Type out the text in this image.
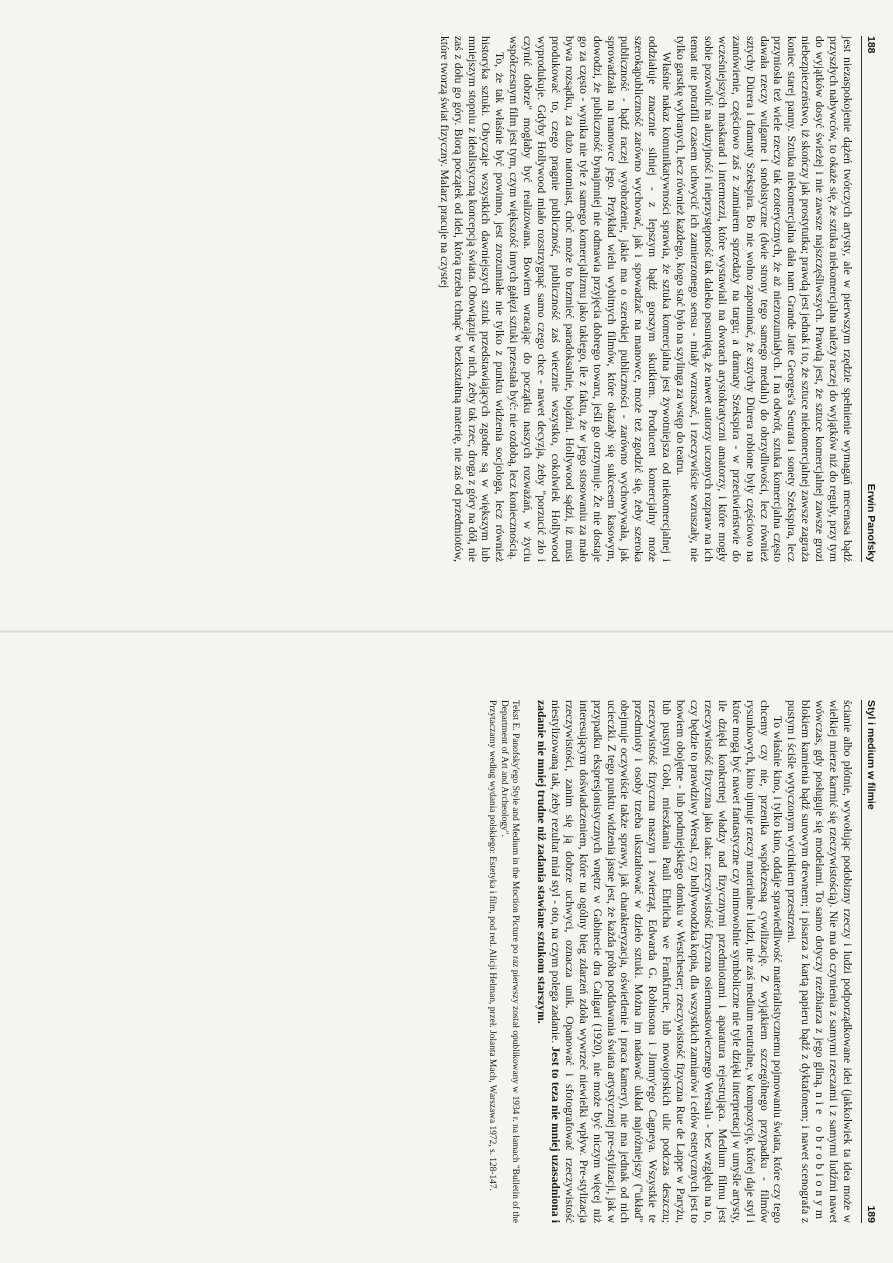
188
Erwin Panofsky

jest niezaspokojenie dążeń twórczych artysty, ale w pierwszym rzędzie spełnienie wymagań mecenasa bądź przyszłych nabywców, to okaże się, że sztuka niekomercjalna należy raczej do wyjątków niż do reguły, przy tym do wyjątków dosyć świeżej i nie zawsze najszczęśliwszych. Prawdą jest, że sztuce komercjalnej zawsze grozi niebezpieczeństwo, iż skończy jak prostytutka; prawdą jest jednak i to, że sztuce niekomercjalnej zawsze zagraża koniec starej panny. Sztuka niekomercjalna dała nam Grande Jatte Georges'a Seurata i sonety Szekspira, lecz przyniosła też wiele rzeczy tak ezoterycznych, że aż niezrozumiałych. I na odwrót, sztuka komercjalna często dawała rzeczy wulgarne i snobistyczne (dwie strony tego samego medalu) do obrzydliwości, lecz również sztychy Dürera i dramaty Szekspira. Bo nie wolno zapominać, że sztychy Dürera robione były częściowo na zamówienie, częściowo zaś z zamiarem sprzedaży na targu; a dramaty Szekspira - w przeciwieństwie do wcześniejszych maskarad i intermezzi, które wystawiali na dworach arystokratyczni amatorzy, i które mogły sobie pozwolić na aluzyjność i nieprzystępność tak daleko posuniętą, że nawet autorzy uczonych rozpraw na ich temat nie potrafili czasem uchwycić ich zamierzonego sensu - miały wzruszać, i rzeczywiście wzruszały, nie tylko garstkę wybranych, lecz również każdego, kogo stać było na szylinga za wstęp do teatru.

Właśnie nakaz komunikatywności sprawia, że sztuka komercjalna jest żywotniejsza od niekomercjalnej i oddziałuje znacznie silniej - z lepszym bądź gorszym skutkiem. Producent komercjalny może szerokąpubliczność zarówno wychować, jak i spowadzać na manowce, może też zgodzić się, żeby szeroka publiczność - bądź raczej wyobrażenie, jakie ma o szerokiej publiczności - zarówno wychowywała, jak sprowadzała na manowce jego. Przykład wielu wybitnych filmów, które okazały się sukcesem kasowym, dowodzi, że publiczność bynajmniej nie odmawia przyjęcia dobrego towaru, jeśli go otrzymuje. Że nie dostaje go za często - wynika nie tyle z samego komercjalizmu jako takiego, ile z faktu, że w jego stosowaniu za mało bywa rozsądku, za dużo natomiast, choć może to brzmieć paradoksalnie, bojaźni. Hollywood sądzi, iż musi produkować to, czego pragnie publiczność, publiczność zaś wiecznie wszystko, cokolwiek Hollywood wyprodukuje. Gdyby Hollywood miało rozstrzygnąć samo czego chce - nawet decyzja, żeby "porzucić zło i czynić dobrze" mogłaby być realizowana. Bowiem wracając do początku naszych rozważań, w życiu współczesnym film jest tym, czym większość innych gałęzi sztuki przestała być: nie ozdobą, lecz koniecznością.

To, że tak właśnie być powinno, jest zrozumiałe nie tylko z punktu widzenia socjologa, lecz również historyka sztuki. Obyczaje wszystkich dawniejszych sztuk przedstawiających zgodne są w większym lub mniejszym stopniu z idealistyczną koncepcją świata. Obowiązuje w nich, żeby tak rzec, droga z góry na dół, nie zaś z dołu go góry. Biorą początek od idei, którą trzeba tchnąć w bezkształtną materię, nie zaś od przedmiotów, które tworzą świat fizyczny. Malarz pracuje na czystej

Styl i medium w filmie
189

ścianie albo płótnie, wywołując podobizny rzeczy i ludzi podporządkowane idei (jakkolwiek ta idea może w wielkiej mierze karmić się rzeczywistością). Nie ma do czynienia z samymi rzeczami i z samymi ludźmi nawet wówczas, gdy posługuje się modelami. To samo dotyczy rzeźbiarza z jego gliną, nie obrobionym blokiem kamienia bądź surowym drewnem; i pisarza z kartą papieru bądź z dyktafonem; i nawet scenografa z pustym i ściśle wytyczonym wycinkiem przestrzeni.

To właśnie kino, i tylko kino, oddaje sprawiedliwość materialistycznemu pojmowaniu świata, które czy tego chcemy czy nie, przenika współczesną cywilizację. Z wyjątkiem szczególnego przypadku - filmów rysunkowych, kino ujmuje rzeczy materialne i ludzi, nie zaś medium neutralne, w kompozycję, której daje styl i które mogą być nawet fantastyczne czy mimowolnie symboliczne nie tyle dzięki interpretacji w umyśle artysty, ile dzięki konkretnej władzy nad fizycznymi przedmiotami i aparatura rejestrująca. Medium filmu jest rzeczywistość fizyczna jako taka: rzeczywistość fizyczna osiemnastowiecznego Wersalu - bez względu na to, czy będzie to prawdziwy Wersal, czy hollywoodzka kopia, dla wszystkich zamiarów i celów estetycznych jest to bowiem obojętne - lub podmiejskiego domku w Westchester; rzeczywistość fizyczna Rue de Lappe w Paryżu, lub pustyni Gobi, mieszkania Pauli Ehrlicha we Frankfurcie, lub nowojorskich ulic podczas deszczu; rzeczywistość fizyczna maszyn i zwierząt, Edwarda G. Robinsona i Jimmy'ego Cagneya. Wszystkie te przedmioty i osoby trzeba ukształtować w dzieło sztuki. Można im nadawać układ najróżniejszy ("układ" obejmuje oczywiście także sprawy, jak charakteryzacja, oświetlenie i praca kamery), nie ma jednak od nich ucieczki. Z tego punktu widzenia jasne jest, że każda próba poddawania świata artystycznej pre-stylizacji, jak w przypadku ekspresjonistycznych wnętrz w Gabinecie dra Caligari (1920), nie może być niczym więcej niż interesującym doświadczeniem, które na ogólny bieg zdarzeń zdoła wywrzeć niewielki wpływ. Pre-stylizacja rzeczywistości, zanim się ją dobrze uchwyci, oznacza unik. Opanować i sfotografować rzeczywistość niestylizowaną tak, żeby rezultat miał styl - oto, na czym polega zadanie. Jest to teza nie mniej uzasadniona i zadanie nie mniej trudne niż zadania stawiane sztukom starszym.

Tekst E. Panofsky'ego Style and Medium in the Moction Picture po raz pierwszy został opublikowany w 1934 r. na łamach "Bulletin of the Department of Art and Archeology".

Przytaczamy według wydania polskiego: Estetyka i film, pod red. Alicji Helman, przeł. Jolanta Mach, Warszawa 1972, s. 128-147.
